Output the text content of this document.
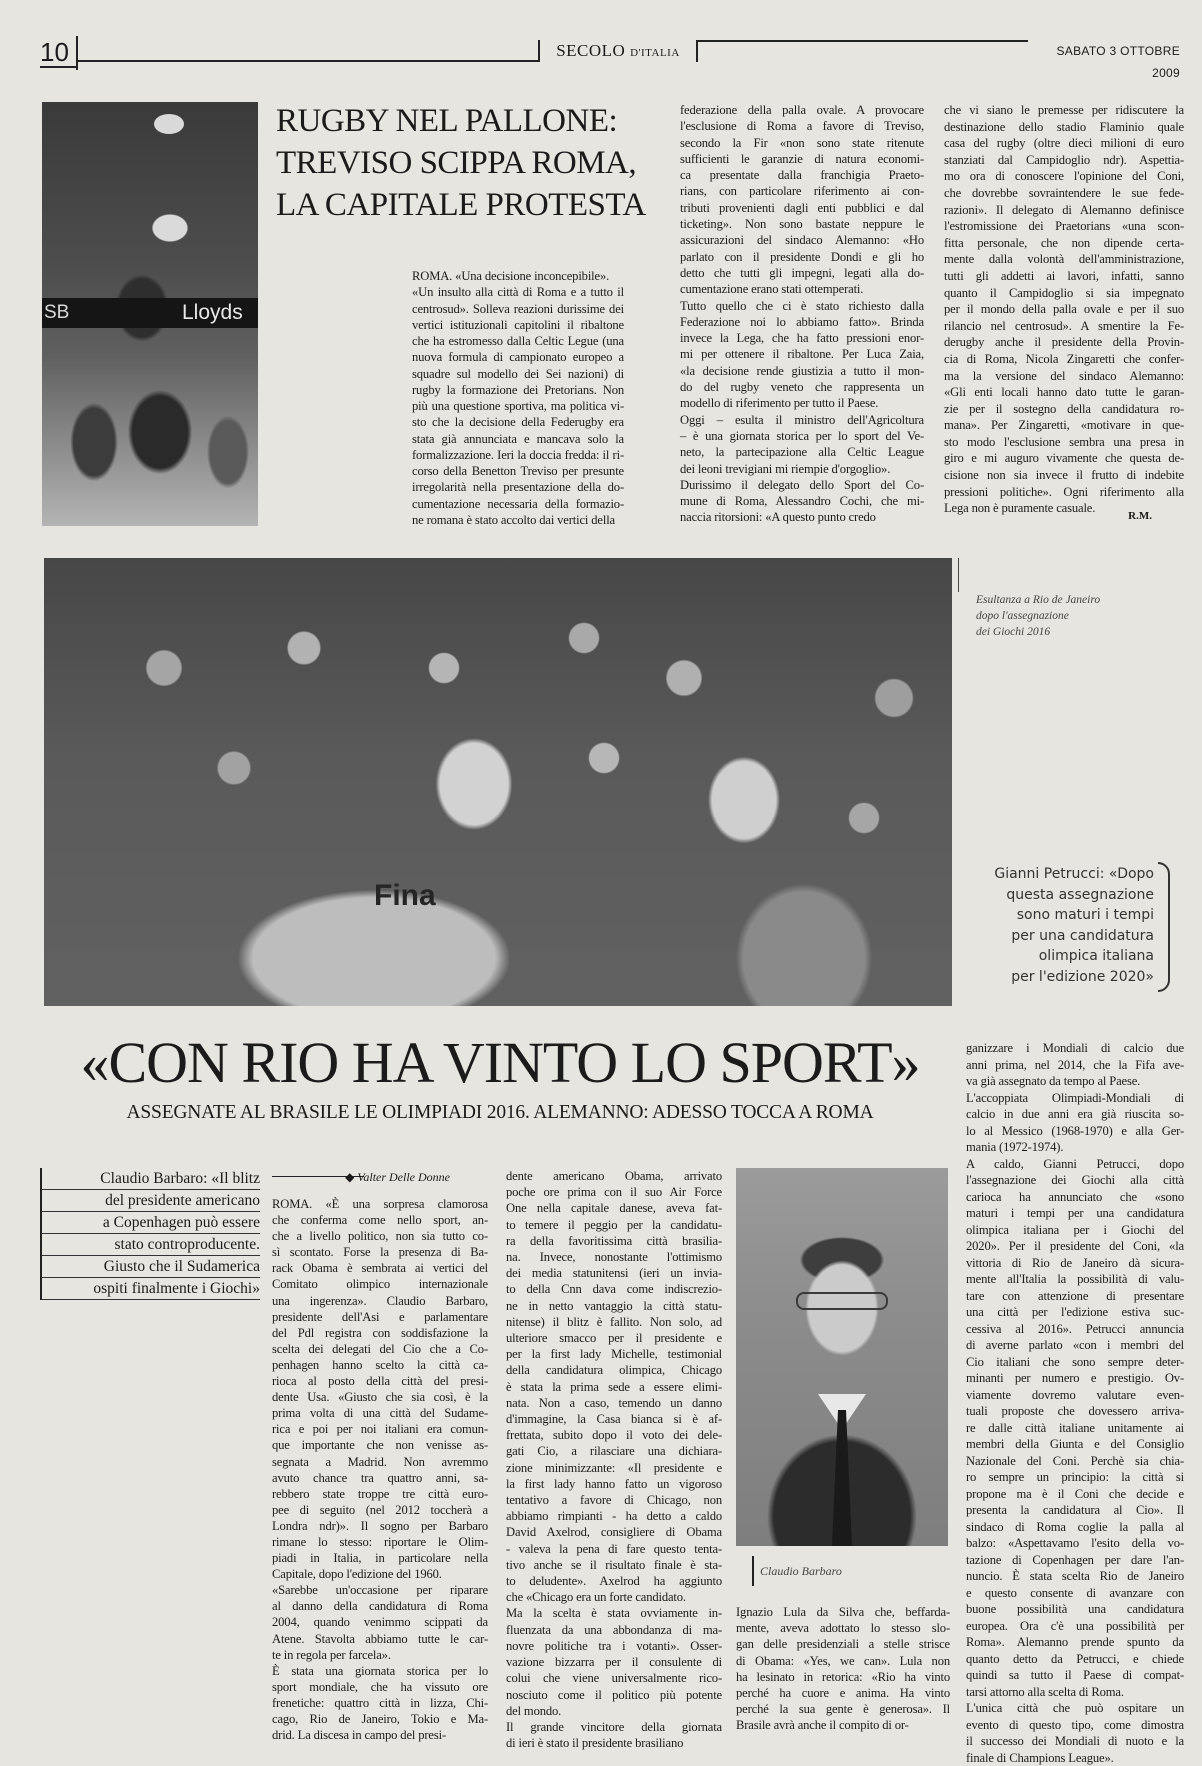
10	SECOLO D'ITALIA	SABATO 3 OTTOBRE 2009
SB	Lloyds
RUGBY NEL PALLONE:
TREVISO SCIPPA ROMA,
LA CAPITALE PROTESTA
ROMA. «Una decisione inconcepibile».
«Un insulto alla città di Roma e a tutto il
centrosud». Solleva reazioni durissime dei
vertici istituzionali capitolini il ribaltone
che ha estromesso dalla Celtic Legue (una
nuova formula di campionato europeo a
squadre sul modello dei Sei nazioni) di
rugby la formazione dei Pretorians. Non
più una questione sportiva, ma politica vi-
sto che la decisione della Federugby era
stata già annunciata e mancava solo la
formalizzazione. Ieri la doccia fredda: il ri-
corso della Benetton Treviso per presunte
irregolarità nella presentazione della do-
cumentazione necessaria della formazio-
ne romana è stato accolto dai vertici della
federazione della palla ovale. A provocare
l'esclusione di Roma a favore di Treviso,
secondo la Fir «non sono state ritenute
sufficienti le garanzie di natura economi-
ca presentate dalla franchigia Praeto-
rians, con particolare riferimento ai con-
tributi provenienti dagli enti pubblici e dal
ticketing». Non sono bastate neppure le
assicurazioni del sindaco Alemanno: «Ho
parlato con il presidente Dondi e gli ho
detto che tutti gli impegni, legati alla do-
cumentazione erano stati ottemperati.
Tutto quello che ci è stato richiesto dalla
Federazione noi lo abbiamo fatto». Brinda
invece la Lega, che ha fatto pressioni enor-
mi per ottenere il ribaltone. Per Luca Zaia,
«la decisione rende giustizia a tutto il mon-
do del rugby veneto che rappresenta un
modello di riferimento per tutto il Paese.
Oggi – esulta il ministro dell'Agricoltura
– è una giornata storica per lo sport del Ve-
neto, la partecipazione alla Celtic League
dei leoni trevigiani mi riempie d'orgoglio».
Durissimo il delegato dello Sport del Co-
mune di Roma, Alessandro Cochi, che mi-
naccia ritorsioni: «A questo punto credo
che vi siano le premesse per ridiscutere la
destinazione dello stadio Flaminio quale
casa del rugby (oltre dieci milioni di euro
stanziati dal Campidoglio ndr). Aspettia-
mo ora di conoscere l'opinione del Coni,
che dovrebbe sovraintendere le sue fede-
razioni». Il delegato di Alemanno definisce
l'estromissione dei Praetorians «una scon-
fitta personale, che non dipende certa-
mente dalla volontà dell'amministrazione,
tutti gli addetti ai lavori, infatti, sanno
quanto il Campidoglio si sia impegnato
per il mondo della palla ovale e per il suo
rilancio nel centrosud». A smentire la Fe-
derugby anche il presidente della Provin-
cia di Roma, Nicola Zingaretti che confer-
ma la versione del sindaco Alemanno:
«Gli enti locali hanno dato tutte le garan-
zie per il sostegno della candidatura ro-
mana». Per Zingaretti, «motivare in que-
sto modo l'esclusione sembra una presa in
giro e mi auguro vivamente che questa de-
cisione non sia invece il frutto di indebite
pressioni politiche». Ogni riferimento alla
Lega non è puramente casuale.
R.M.
Fina
Esultanza a Rio de Janeiro
dopo l'assegnazione
dei Giochi 2016
Gianni Petrucci: «Dopo
questa assegnazione
sono maturi i tempi
per una candidatura
olimpica italiana
per l'edizione 2020»
«CON RIO HA VINTO LO SPORT»
ASSEGNATE AL BRASILE LE OLIMPIADI 2016. ALEMANNO: ADESSO TOCCA A ROMA
Claudio Barbaro: «Il blitz
del presidente americano
a Copenhagen può essere
stato controproducente.
Giusto che il Sudamerica
ospiti finalmente i Giochi»
◆ Valter Delle Donne
ROMA. «È una sorpresa clamorosa
che conferma come nello sport, an-
che a livello politico, non sia tutto co-
sì scontato. Forse la presenza di Ba-
rack Obama è sembrata ai vertici del
Comitato olimpico internazionale
una ingerenza». Claudio Barbaro,
presidente dell'Asi e parlamentare
del Pdl registra con soddisfazione la
scelta dei delegati del Cio che a Co-
penhagen hanno scelto la città ca-
rioca al posto della città del presi-
dente Usa. «Giusto che sia così, è la
prima volta di una città del Sudame-
rica e poi per noi italiani era comun-
que importante che non venisse as-
segnata a Madrid. Non avremmo
avuto chance tra quattro anni, sa-
rebbero state troppe tre città euro-
pee di seguito (nel 2012 toccherà a
Londra ndr)». Il sogno per Barbaro
rimane lo stesso: riportare le Olim-
piadi in Italia, in particolare nella
Capitale, dopo l'edizione del 1960.
«Sarebbe un'occasione per riparare
al danno della candidatura di Roma
2004, quando venimmo scippati da
Atene. Stavolta abbiamo tutte le car-
te in regola per farcela».
È stata una giornata storica per lo
sport mondiale, che ha vissuto ore
frenetiche: quattro città in lizza, Chi-
cago, Rio de Janeiro, Tokio e Ma-
drid. La discesa in campo del presi-
dente americano Obama, arrivato
poche ore prima con il suo Air Force
One nella capitale danese, aveva fat-
to temere il peggio per la candidatu-
ra della favoritissima città brasilia-
na. Invece, nonostante l'ottimismo
dei media statunitensi (ieri un invia-
to della Cnn dava come indiscrezio-
ne in netto vantaggio la città statu-
nitense) il blitz è fallito. Non solo, ad
ulteriore smacco per il presidente e
per la first lady Michelle, testimonial
della candidatura olimpica, Chicago
è stata la prima sede a essere elimi-
nata. Non a caso, temendo un danno
d'immagine, la Casa bianca si è af-
frettata, subito dopo il voto dei dele-
gati Cio, a rilasciare una dichiara-
zione minimizzante: «Il presidente e
la first lady hanno fatto un vigoroso
tentativo a favore di Chicago, non
abbiamo rimpianti - ha detto a caldo
David Axelrod, consigliere di Obama
- valeva la pena di fare questo tenta-
tivo anche se il risultato finale è sta-
to deludente». Axelrod ha aggiunto
che «Chicago era un forte candidato.
Ma la scelta è stata ovviamente in-
fluenzata da una abbondanza di ma-
novre politiche tra i votanti». Osser-
vazione bizzarra per il consulente di
colui che viene universalmente rico-
nosciuto come il politico più potente
del mondo.
Il grande vincitore della giornata
di ieri è stato il presidente brasiliano
Claudio Barbaro
Ignazio Lula da Silva che, beffarda-
mente, aveva adottato lo stesso slo-
gan delle presidenziali a stelle strisce
di Obama: «Yes, we can». Lula non
ha lesinato in retorica: «Rio ha vinto
perché ha cuore e anima. Ha vinto
perché la sua gente è generosa». Il
Brasile avrà anche il compito di or-
ganizzare i Mondiali di calcio due
anni prima, nel 2014, che la Fifa ave-
va già assegnato da tempo al Paese.
L'accoppiata Olimpiadi-Mondiali di
calcio in due anni era già riuscita so-
lo al Messico (1968-1970) e alla Ger-
mania (1972-1974).
A caldo, Gianni Petrucci, dopo
l'assegnazione dei Giochi alla città
carioca ha annunciato che «sono
maturi i tempi per una candidatura
olimpica italiana per i Giochi del
2020». Per il presidente del Coni, «la
vittoria di Rio de Janeiro dà sicura-
mente all'Italia la possibilità di valu-
tare con attenzione di presentare
una città per l'edizione estiva suc-
cessiva al 2016». Petrucci annuncia
di averne parlato «con i membri del
Cio italiani che sono sempre deter-
minanti per numero e prestigio. Ov-
viamente dovremo valutare even-
tuali proposte che dovessero arriva-
re dalle città italiane unitamente ai
membri della Giunta e del Consiglio
Nazionale del Coni. Perchè sia chia-
ro sempre un principio: la città si
propone ma è il Coni che decide e
presenta la candidatura al Cio». Il
sindaco di Roma coglie la palla al
balzo: «Aspettavamo l'esito della vo-
tazione di Copenhagen per dare l'an-
nuncio. È stata scelta Rio de Janeiro
e questo consente di avanzare con
buone possibilità una candidatura
europea. Ora c'è una possibilità per
Roma». Alemanno prende spunto da
quanto detto da Petrucci, e chiede
quindi sa tutto il Paese di compat-
tarsi attorno alla scelta di Roma.
L'unica città che può ospitare un
evento di questo tipo, come dimostra
il successo dei Mondiali di nuoto e la
finale di Champions League».
